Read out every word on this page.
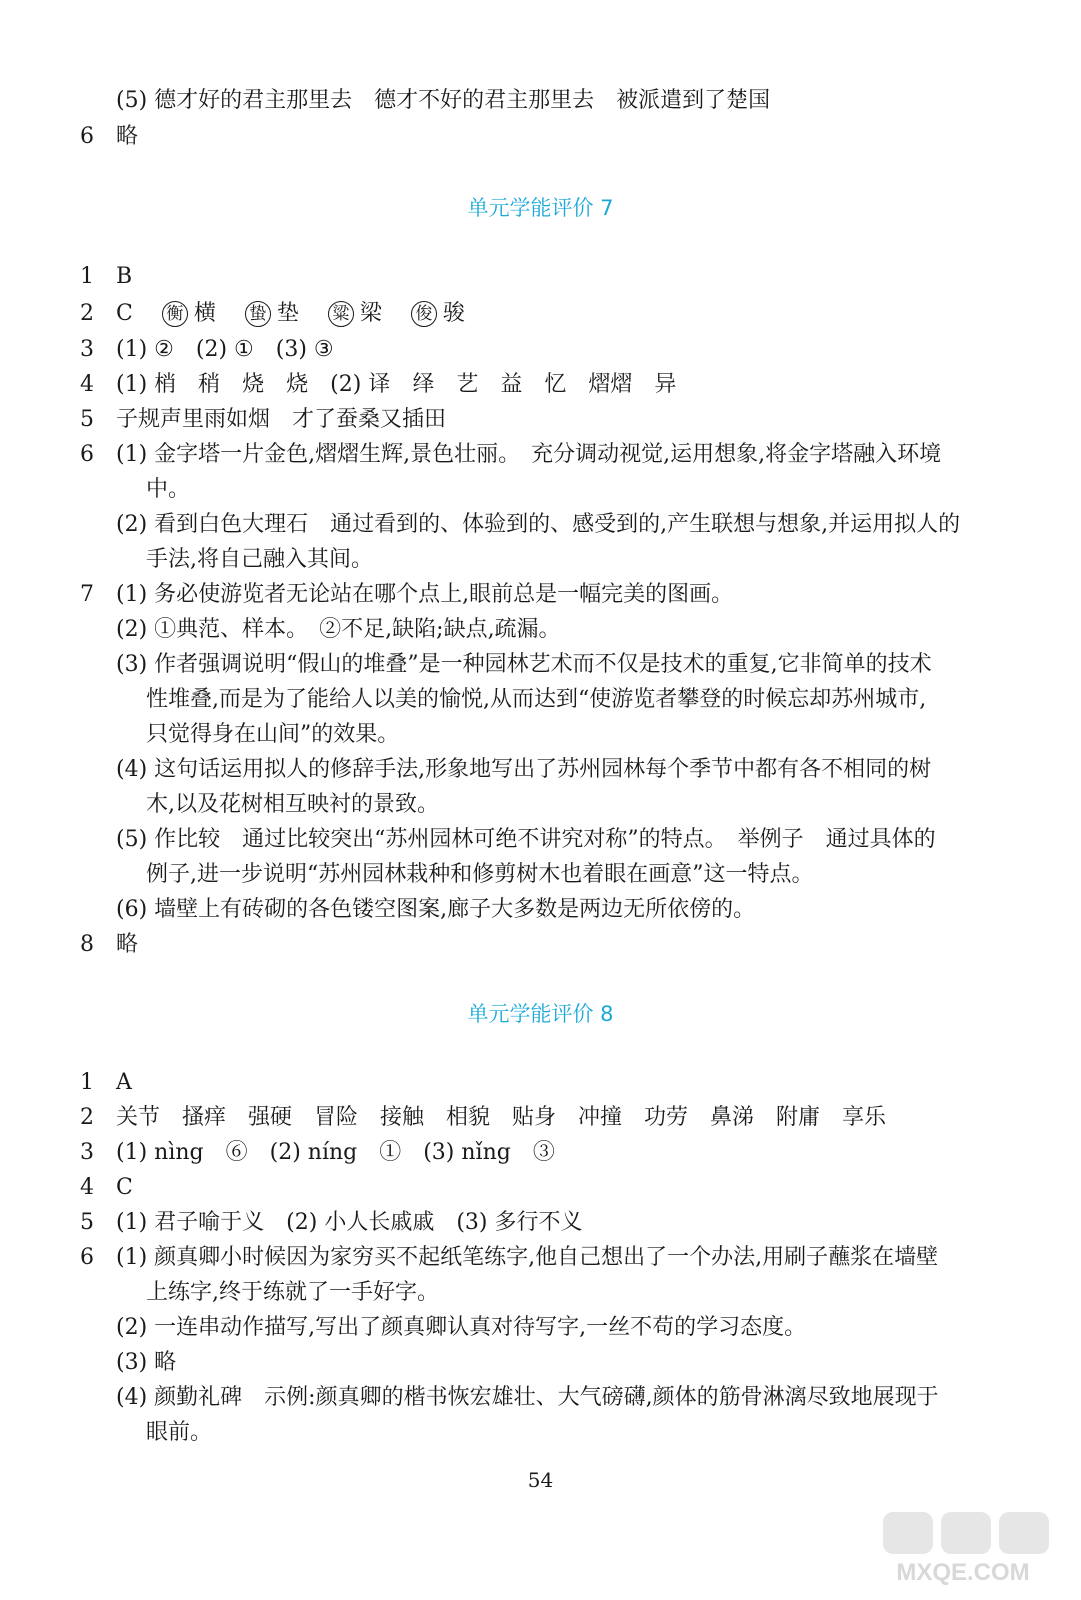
(5) 德才好的君主那里去　德才不好的君主那里去　被派遣到了楚国
6	略
单元学能评价 7
1	B
2	C 衡 横 蛰 垫 粱 梁 俊 骏
3	(1) ②　(2) ①　(3) ③
4	(1) 梢　稍　烧　烧　(2) 译　绎　艺　益　忆　熠熠　异
5	子规声里雨如烟　才了蚕桑又插田
6	(1) 金字塔一片金色,熠熠生辉,景色壮丽。　充分调动视觉,运用想象,将金字塔融入环境
中。
(2) 看到白色大理石　通过看到的、体验到的、感受到的,产生联想与想象,并运用拟人的
手法,将自己融入其间。
7	(1) 务必使游览者无论站在哪个点上,眼前总是一幅完美的图画。
(2) ①典范、样本。　②不足,缺陷;缺点,疏漏。
(3) 作者强调说明“假山的堆叠”是一种园林艺术而不仅是技术的重复,它非简单的技术
性堆叠,而是为了能给人以美的愉悦,从而达到“使游览者攀登的时候忘却苏州城市,
只觉得身在山间”的效果。
(4) 这句话运用拟人的修辞手法,形象地写出了苏州园林每个季节中都有各不相同的树
木,以及花树相互映衬的景致。
(5) 作比较　通过比较突出“苏州园林可绝不讲究对称”的特点。　举例子　通过具体的
例子,进一步说明“苏州园林栽种和修剪树木也着眼在画意”这一特点。
(6) 墙壁上有砖砌的各色镂空图案,廊子大多数是两边无所依傍的。
8	略
单元学能评价 8
1	A
2	关节　搔痒　强硬　冒险　接触　相貌　贴身　冲撞　功劳　鼻涕　附庸　享乐
3	(1) nìng　⑥　(2) níng　①　(3) nǐng　③
4	C
5	(1) 君子喻于义　(2) 小人长戚戚　(3) 多行不义
6	(1) 颜真卿小时候因为家穷买不起纸笔练字,他自己想出了一个办法,用刷子蘸浆在墙壁
上练字,终于练就了一手好字。
(2) 一连串动作描写,写出了颜真卿认真对待写字,一丝不苟的学习态度。
(3) 略
(4) 颜勤礼碑　示例:颜真卿的楷书恢宏雄壮、大气磅礴,颜体的筋骨淋漓尽致地展现于
眼前。
54
MXQE.COM
